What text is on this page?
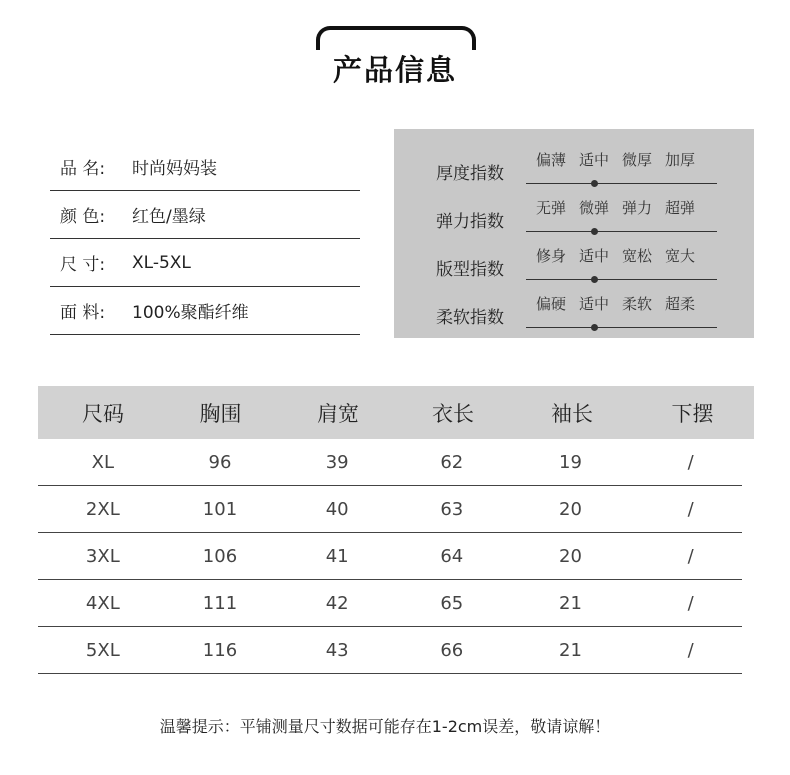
产品信息
品 名:	时尚妈妈装
颜 色:	红色/墨绿
尺 寸:	XL-5XL
面 料:	100%聚酯纤维
厚度指数
偏薄 适中 微厚 加厚
弹力指数
无弹 微弹 弹力 超弹
版型指数
修身 适中 宽松 宽大
柔软指数
偏硬 适中 柔软 超柔
尺码	胸围	肩宽	衣长	袖长	下摆
XL	96	39	62	19	/
2XL	101	40	63	20	/
3XL	106	41	64	20	/
4XL	111	42	65	21	/
5XL	116	43	66	21	/
温馨提示：平铺测量尺寸数据可能存在1-2cm误差，敬请谅解！
